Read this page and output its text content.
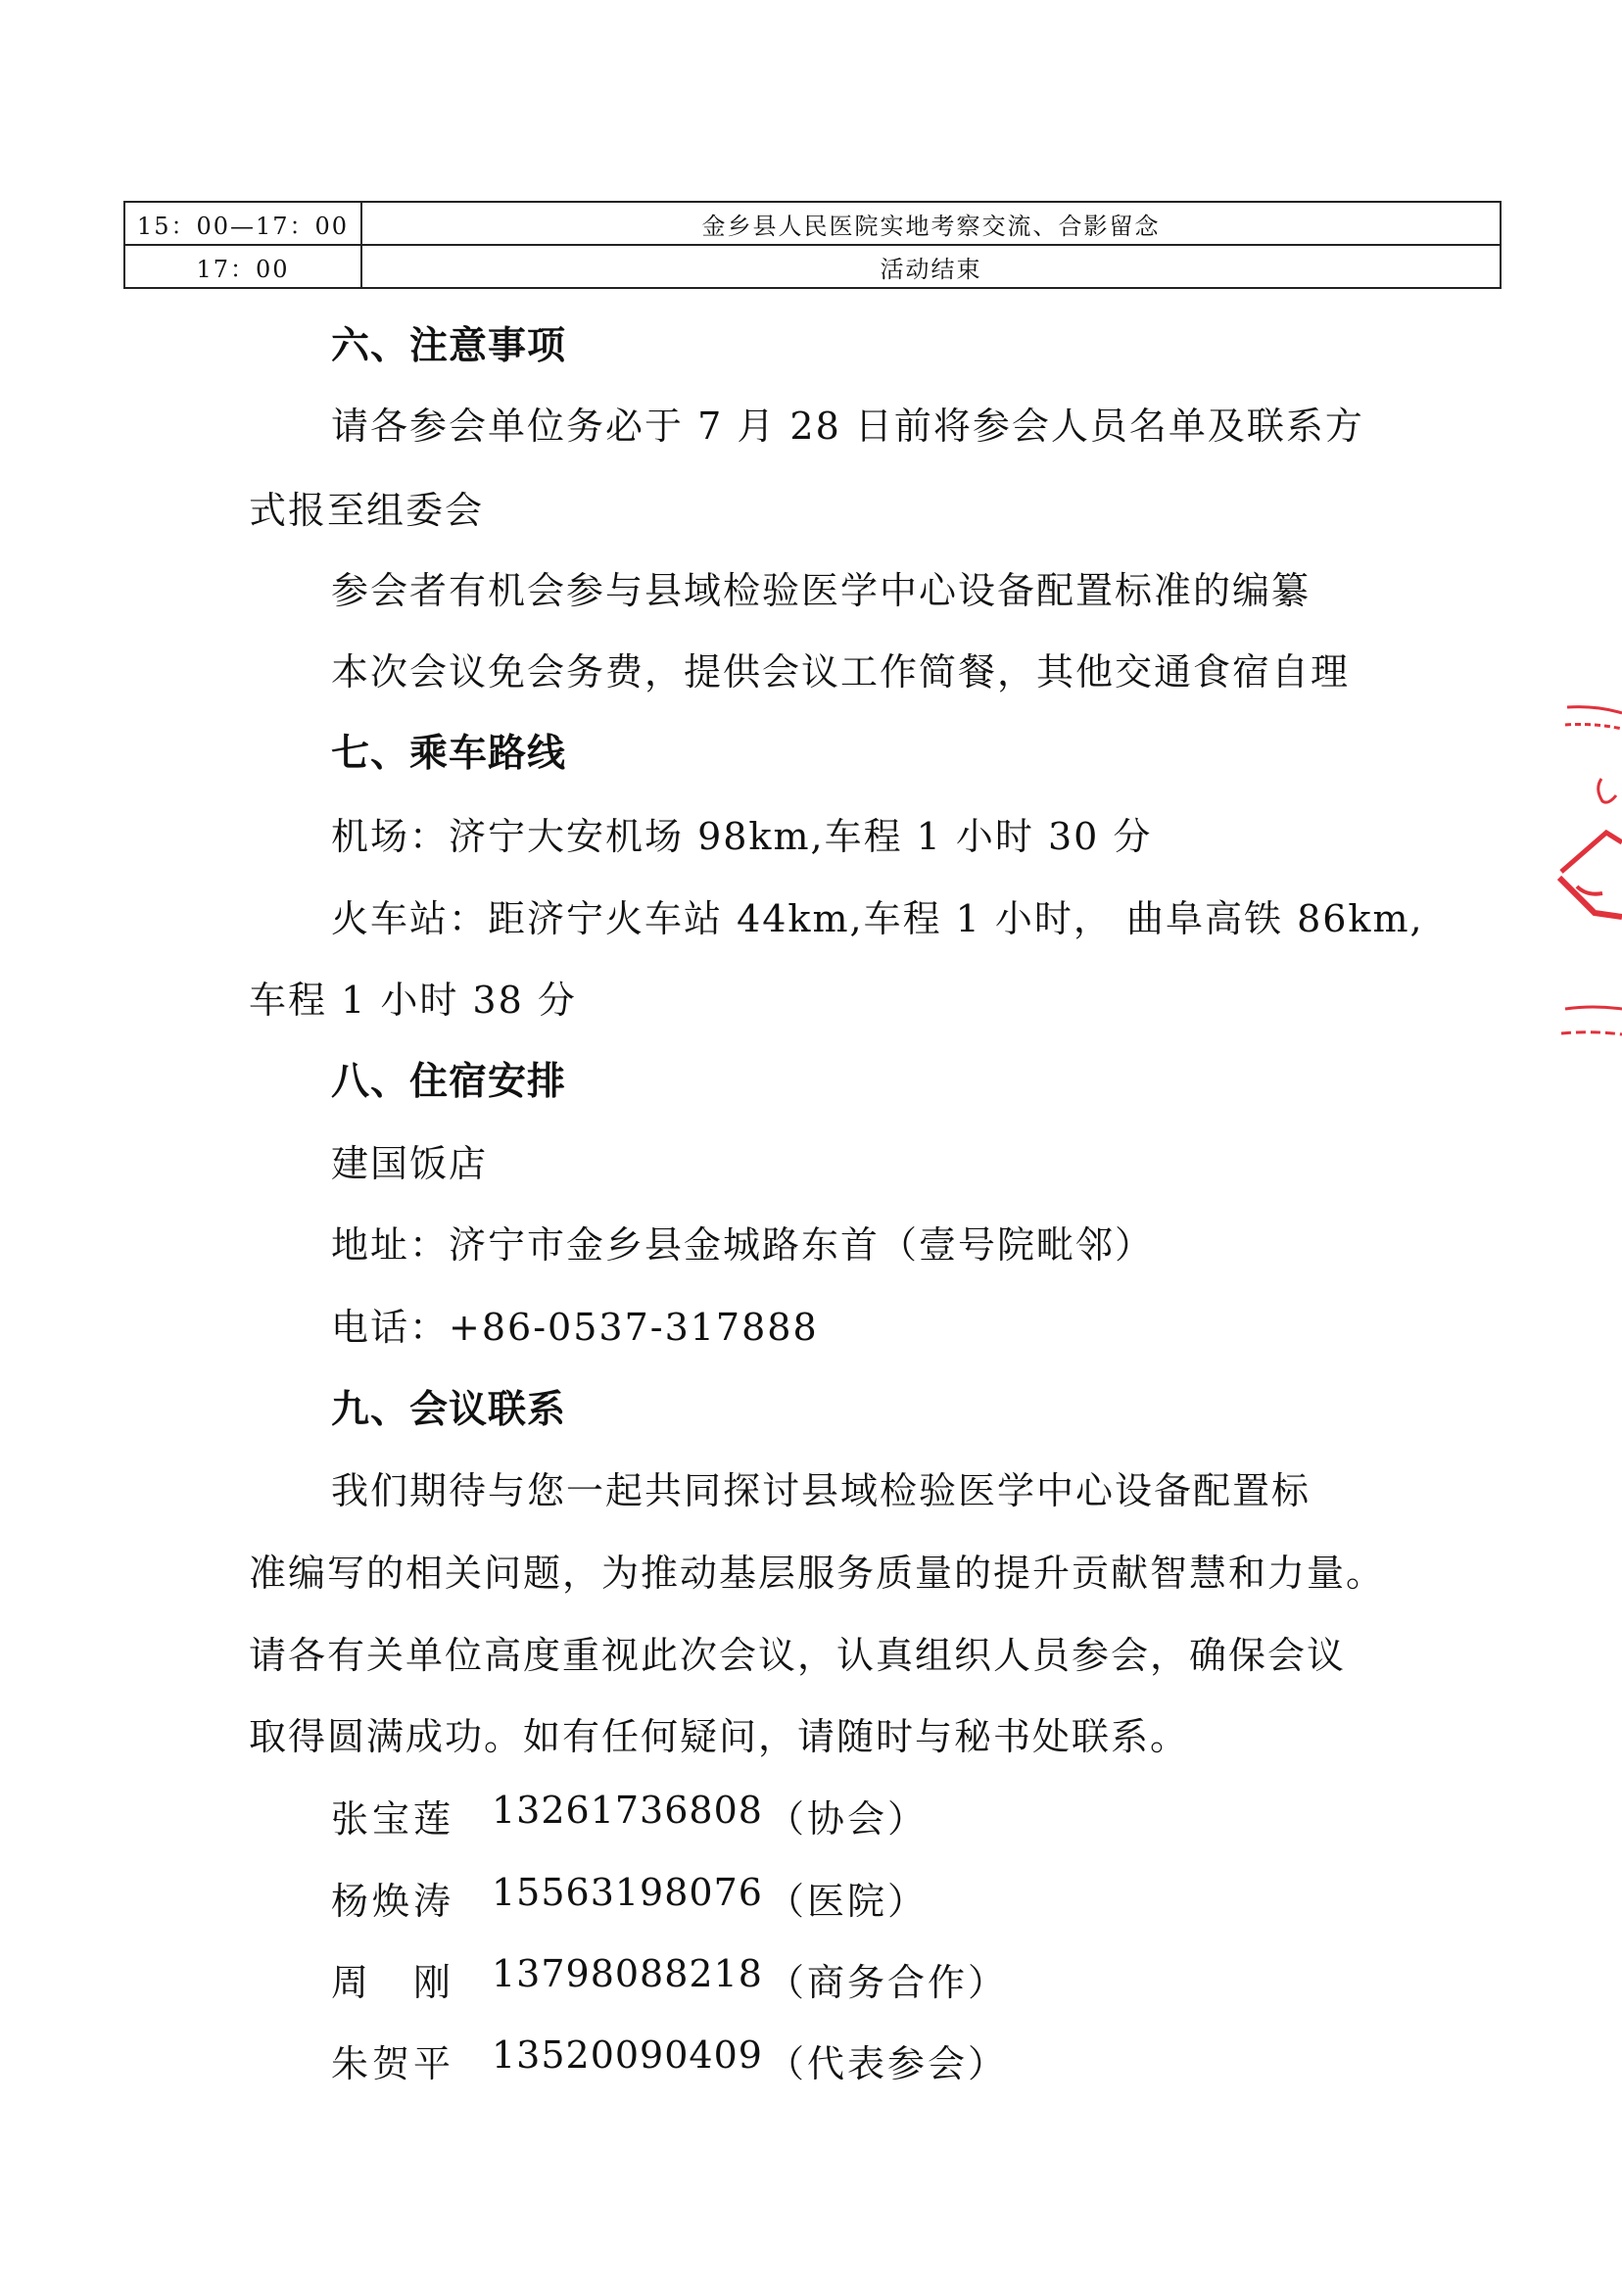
15：00—17：00	金乡县人民医院实地考察交流、合影留念
17：00	活动结束
六、注意事项
请各参会单位务必于 7 月 28 日前将参会人员名单及联系方
式报至组委会
参会者有机会参与县域检验医学中心设备配置标准的编纂
本次会议免会务费，提供会议工作简餐，其他交通食宿自理
七、乘车路线
机场：济宁大安机场 98km,车程 1 小时 30 分
火车站：距济宁火车站 44km,车程 1 小时， 曲阜高铁 86km,
车程 1 小时 38 分
八、住宿安排
建国饭店
地址：济宁市金乡县金城路东首（壹号院毗邻）
电话：+86-0537-317888
九、会议联系
我们期待与您一起共同探讨县域检验医学中心设备配置标
准编写的相关问题，为推动基层服务质量的提升贡献智慧和力量。
请各有关单位高度重视此次会议，认真组织人员参会，确保会议
取得圆满成功。如有任何疑问，请随时与秘书处联系。
张宝莲 13261736808 （协会）
杨焕涛 15563198076 （医院）
周　刚 13798088218 （商务合作）
朱贺平 13520090409 （代表参会）
